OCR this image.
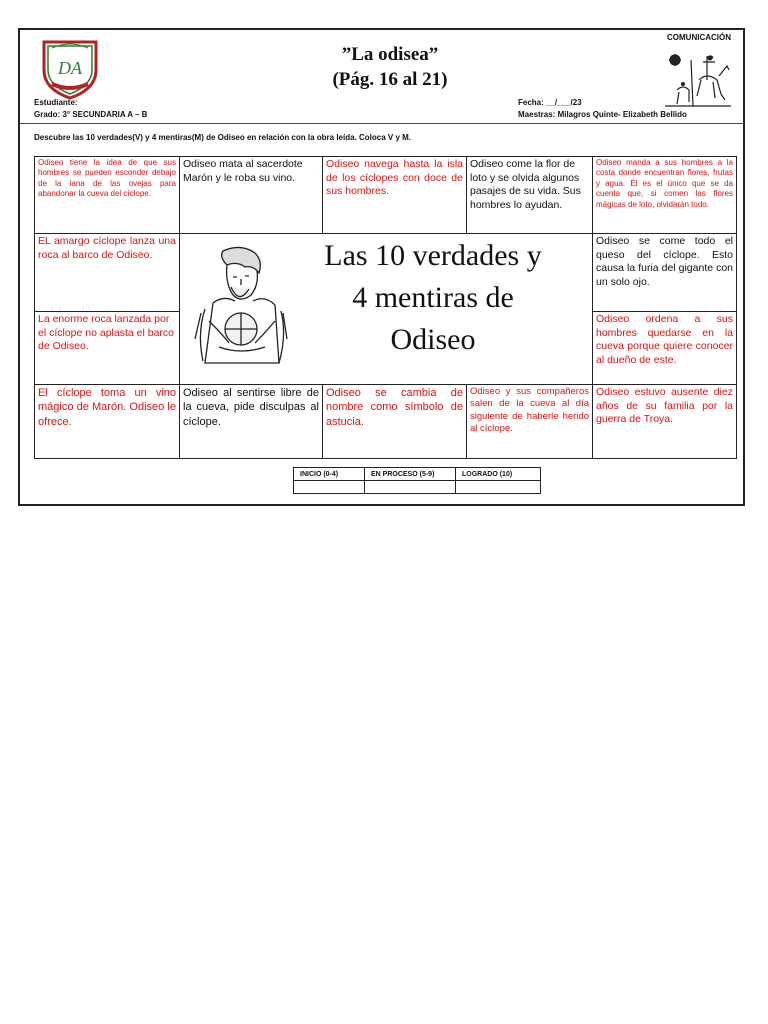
DA
”La odisea”
(Pág. 16 al 21)
COMUNICACIÓN
Estudiante:
Grado: 3° SECUNDARIA A – B
Fecha: __/___/23
Maestras: Milagros Quinte- Elizabeth Bellido
Descubre las 10 verdades(V) y 4 mentiras(M) de Odiseo en relación con la obra leída. Coloca V y M.
Odiseo tiene la idea de que sus hombres se pueden esconder debajo de la lana de las ovejas para abandonar la cueva del cíclope.
Odiseo mata al sacerdote Marón y le roba su vino.
Odiseo navega hasta la isla de los cíclopes con doce de sus hombres.
Odiseo come la flor de loto y se olvida algunos pasajes de su vida. Sus hombres lo ayudan.
Odiseo manda a sus hombres a la costa donde encuentran flores, frutas y agua. Él es el único que se da cuenta que, si comen las flores mágicas de loto, olvidarán todo.
EL amargo cíclope lanza una roca al barco de Odiseo.
Odiseo se come todo el queso del cíclope. Esto causa la furia del gigante con un solo ojo.
La enorme roca lanzada por el cíclope no aplasta el barco de Odiseo.
Odiseo ordena a sus hombres quedarse en la cueva porque quiere conocer al dueño de este.
Las 10 verdades y
4 mentiras de
Odiseo
El cíclope toma un vino mágico de Marón. Odiseo le ofrece.
Odiseo al sentirse libre de la cueva, pide disculpas al cíclope.
Odiseo se cambia de nombre como símbolo de astucia.
Odiseo y sus compañeros salen de la cueva al día siguiente de haberle herido al cíclope.
Odiseo estuvo ausente diez años de su familia por la guerra de Troya.
INICIO (0-4)	EN PROCESO (5-9)	LOGRADO (10)
